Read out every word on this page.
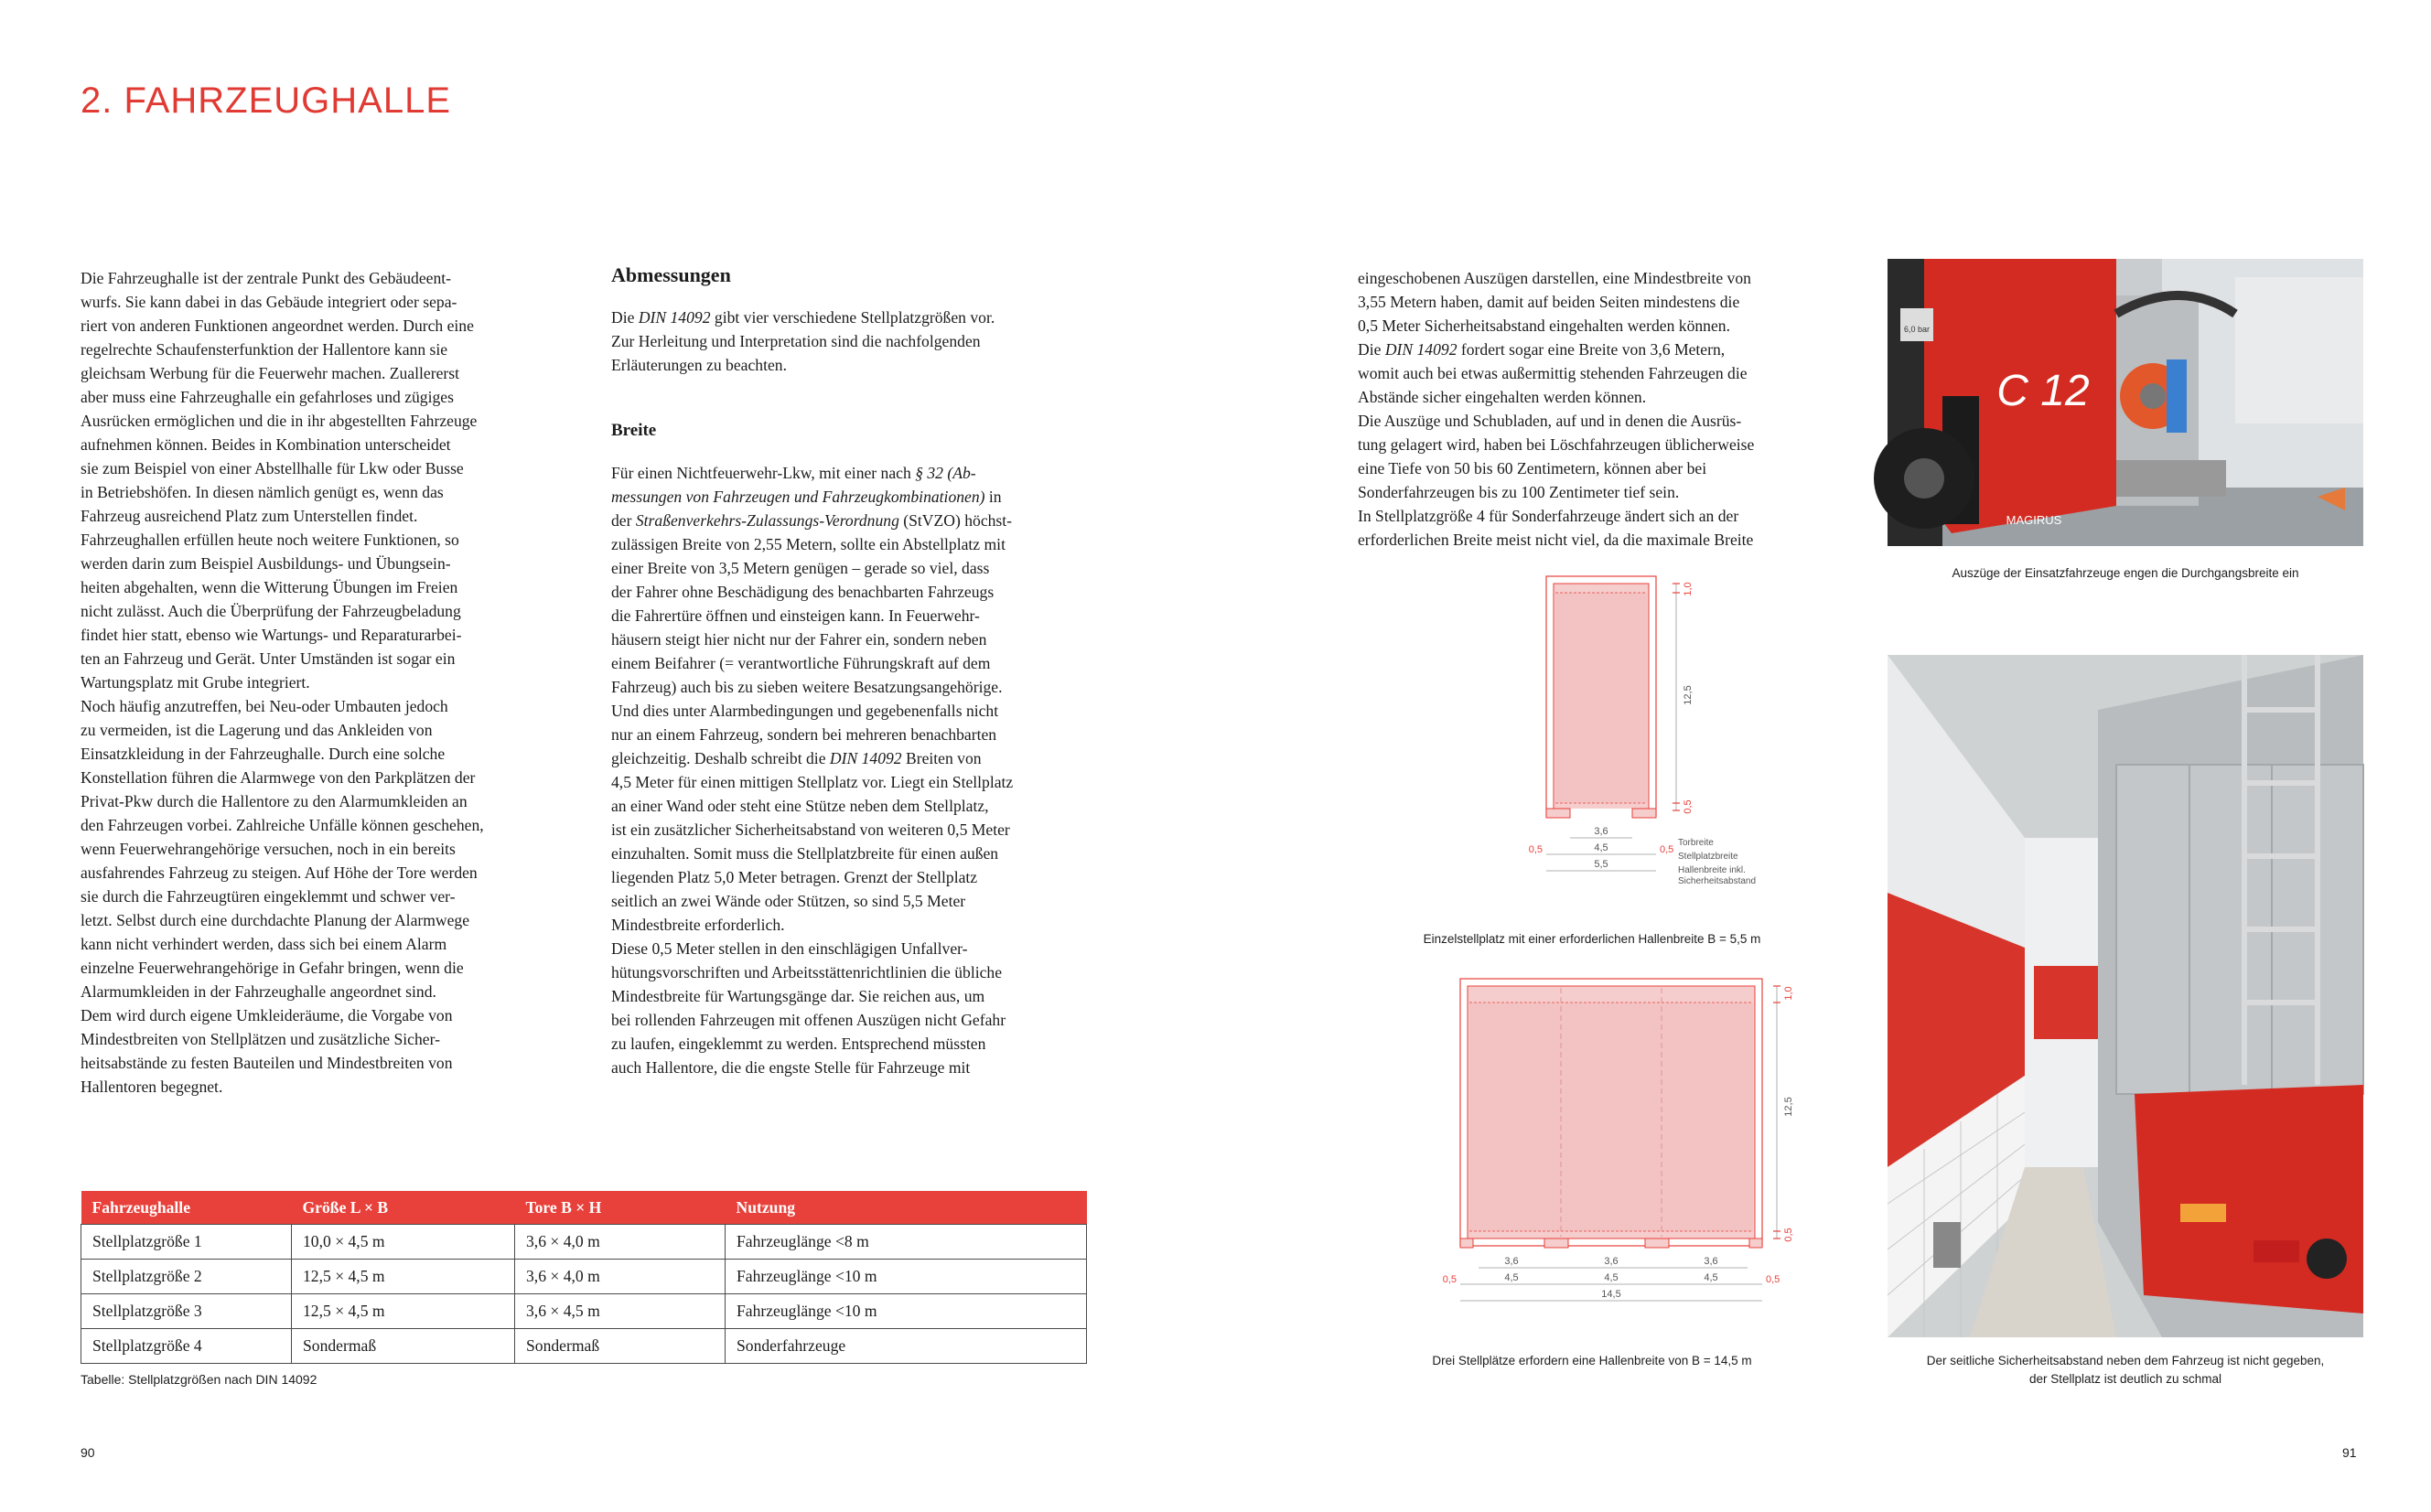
2. FAHRZEUGHALLE

Die Fahrzeughalle ist der zentrale Punkt des Gebäudeent-

wurfs. Sie kann dabei in das Gebäude integriert oder sepa-

riert von anderen Funktionen angeordnet werden. Durch eine

regelrechte Schaufensterfunktion der Hallentore kann sie

gleichsam Werbung für die Feuerwehr machen. Zuallererst

aber muss eine Fahrzeughalle ein gefahrloses und zügiges

Ausrücken ermöglichen und die in ihr abgestellten Fahrzeuge

aufnehmen können. Beides in Kombination unterscheidet

sie zum Beispiel von einer Abstellhalle für Lkw oder Busse

in Betriebshöfen. In diesen nämlich genügt es, wenn das

Fahrzeug ausreichend Platz zum Unterstellen findet.

Fahrzeughallen erfüllen heute noch weitere Funktionen, so

werden darin zum Beispiel Ausbildungs- und Übungsein-

heiten abgehalten, wenn die Witterung Übungen im Freien

nicht zulässt. Auch die Überprüfung der Fahrzeugbeladung

findet hier statt, ebenso wie Wartungs- und Reparaturarbei-

ten an Fahrzeug und Gerät. Unter Umständen ist sogar ein

Wartungsplatz mit Grube integriert.

Noch häufig anzutreffen, bei Neu-oder Umbauten jedoch

zu vermeiden, ist die Lagerung und das Ankleiden von

Einsatzkleidung in der Fahrzeughalle. Durch eine solche

Konstellation führen die Alarmwege von den Parkplätzen der

Privat-Pkw durch die Hallentore zu den Alarmumkleiden an

den Fahrzeugen vorbei. Zahlreiche Unfälle können geschehen,

wenn Feuerwehrangehörige versuchen, noch in ein bereits

ausfahrendes Fahrzeug zu steigen. Auf Höhe der Tore werden

sie durch die Fahrzeugtüren eingeklemmt und schwer ver-

letzt. Selbst durch eine durchdachte Planung der Alarmwege

kann nicht verhindert werden, dass sich bei einem Alarm

einzelne Feuerwehrangehörige in Gefahr bringen, wenn die

Alarmumkleiden in der Fahrzeughalle angeordnet sind.

Dem wird durch eigene Umkleideräume, die Vorgabe von

Mindestbreiten von Stellplätzen und zusätzliche Sicher-

heitsabstände zu festen Bauteilen und Mindestbreiten von

Hallentoren begegnet.

Abmessungen

Die DIN 14092 gibt vier verschiedene Stellplatzgrößen vor.

Zur Herleitung und Interpretation sind die nachfolgenden

Erläuterungen zu beachten.

Breite

Für einen Nichtfeuerwehr-Lkw, mit einer nach § 32 (Ab-

messungen von Fahrzeugen und Fahrzeugkombinationen) in

der Straßenverkehrs-Zulassungs-Verordnung (StVZO) höchst-

zulässigen Breite von 2,55 Metern, sollte ein Abstellplatz mit

einer Breite von 3,5 Metern genügen – gerade so viel, dass

der Fahrer ohne Beschädigung des benachbarten Fahrzeugs

die Fahrertüre öffnen und einsteigen kann. In Feuerwehr-

häusern steigt hier nicht nur der Fahrer ein, sondern neben

einem Beifahrer (= verantwortliche Führungskraft auf dem

Fahrzeug) auch bis zu sieben weitere Besatzungsangehörige.

Und dies unter Alarmbedingungen und gegebenenfalls nicht

nur an einem Fahrzeug, sondern bei mehreren benachbarten

gleichzeitig. Deshalb schreibt die DIN 14092 Breiten von

4,5 Meter für einen mittigen Stellplatz vor. Liegt ein Stellplatz

an einer Wand oder steht eine Stütze neben dem Stellplatz,

ist ein zusätzlicher Sicherheitsabstand von weiteren 0,5 Meter

einzuhalten. Somit muss die Stellplatzbreite für einen außen

liegenden Platz 5,0 Meter betragen. Grenzt der Stellplatz

seitlich an zwei Wände oder Stützen, so sind 5,5 Meter

Mindestbreite erforderlich.

Diese 0,5 Meter stellen in den einschlägigen Unfallver-

hütungsvorschriften und Arbeitsstättenrichtlinien die übliche

Mindestbreite für Wartungsgänge dar. Sie reichen aus, um

bei rollenden Fahrzeugen mit offenen Auszügen nicht Gefahr

zu laufen, eingeklemmt zu werden. Entsprechend müssten

auch Hallentore, die die engste Stelle für Fahrzeuge mit

eingeschobenen Auszügen darstellen, eine Mindestbreite von

3,55 Metern haben, damit auf beiden Seiten mindestens die

0,5 Meter Sicherheitsabstand eingehalten werden können.

Die DIN 14092 fordert sogar eine Breite von 3,6 Metern,

womit auch bei etwas außermittig stehenden Fahrzeugen die

Abstände sicher eingehalten werden können.

Die Auszüge und Schubladen, auf und in denen die Ausrüs-

tung gelagert wird, haben bei Löschfahrzeugen üblicherweise

eine Tiefe von 50 bis 60 Zentimetern, können aber bei

Sonderfahrzeugen bis zu 100 Zentimeter tief sein.

In Stellplatzgröße 4 für Sonderfahrzeuge ändert sich an der

erforderlichen Breite meist nicht viel, da die maximale Breite

Fahrzeughalle	Größe L × B	Tore B × H	Nutzung
Stellplatzgröße 1	10,0 × 4,5 m	3,6 × 4,0 m	Fahrzeuglänge <8 m
Stellplatzgröße 2	12,5 × 4,5 m	3,6 × 4,0 m	Fahrzeuglänge <10 m
Stellplatzgröße 3	12,5 × 4,5 m	3,6 × 4,5 m	Fahrzeuglänge <10 m
Stellplatzgröße 4	Sondermaß	Sondermaß	Sonderfahrzeuge
Tabelle: Stellplatzgrößen nach DIN 14092
1,0
12,5
0,5
3,6
0,5	4,5	0,5
5,5
Torbreite
Stellplatzbreite
Hallenbreite inkl.
Sicherheitsabstand
Einzelstellplatz mit einer erforderlichen Hallenbreite B = 5,5 m
1,0
12,5
0,5
3,6	3,6	3,6
0,5	4,5	4,5	4,5	0,5
14,5
Drei Stellplätze erfordern eine Hallenbreite von B = 14,5 m
C 12
MAGIRUS
6,0 bar
Auszüge der Einsatzfahrzeuge engen die Durchgangsbreite ein
Der seitliche Sicherheitsabstand neben dem Fahrzeug ist nicht gegeben,
der Stellplatz ist deutlich zu schmal
90	91
